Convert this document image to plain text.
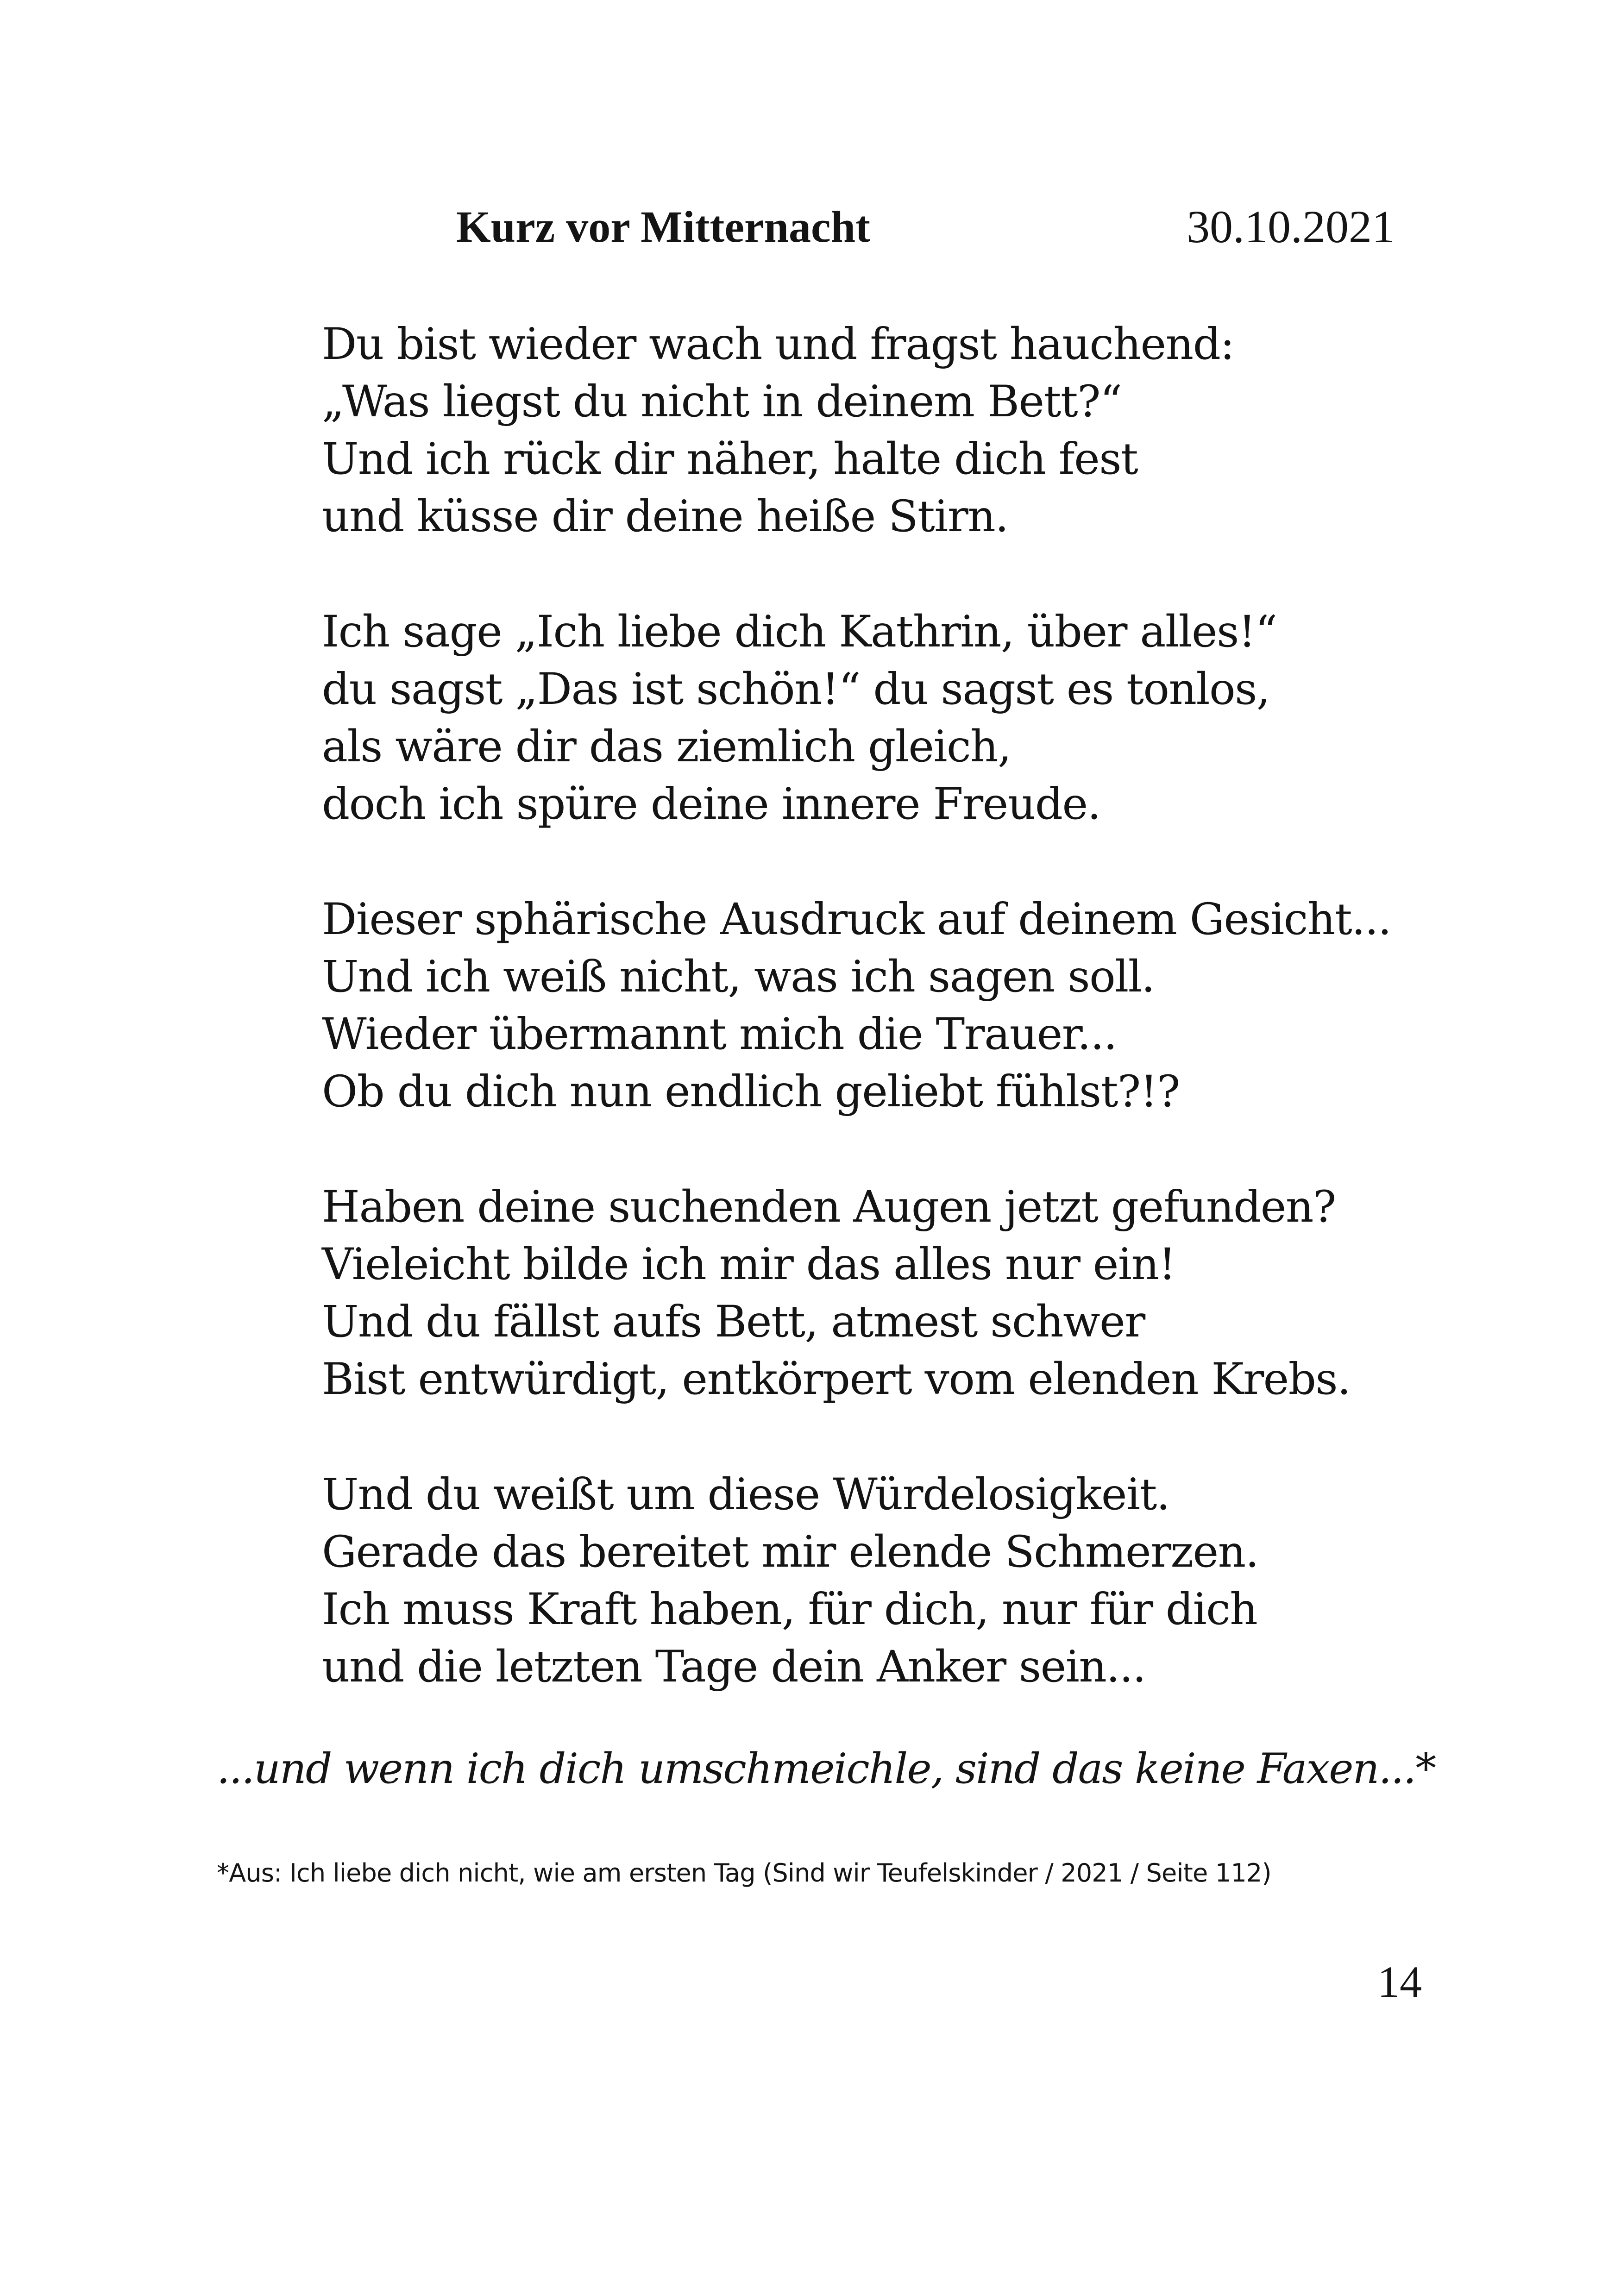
Kurz vor Mitternacht	30.10.2021
Du bist wieder wach und fragst hauchend:
„Was liegst du nicht in deinem Bett?“
Und ich rück dir näher, halte dich fest
und küsse dir deine heiße Stirn.
Ich sage „Ich liebe dich Kathrin, über alles!“
du sagst „Das ist schön!“ du sagst es tonlos,
als wäre dir das ziemlich gleich,
doch ich spüre deine innere Freude.
Dieser sphärische Ausdruck auf deinem Gesicht...
Und ich weiß nicht, was ich sagen soll.
Wieder übermannt mich die Trauer...
Ob du dich nun endlich geliebt fühlst?!?
Haben deine suchenden Augen jetzt gefunden?
Vieleicht bilde ich mir das alles nur ein!
Und du fällst aufs Bett, atmest schwer
Bist entwürdigt, entkörpert vom elenden Krebs.
Und du weißt um diese Würdelosigkeit.
Gerade das bereitet mir elende Schmerzen.
Ich muss Kraft haben, für dich, nur für dich
und die letzten Tage dein Anker sein...
...und wenn ich dich umschmeichle, sind das keine Faxen...*
*Aus: Ich liebe dich nicht, wie am ersten Tag (Sind wir Teufelskinder / 2021 / Seite 112)
14
